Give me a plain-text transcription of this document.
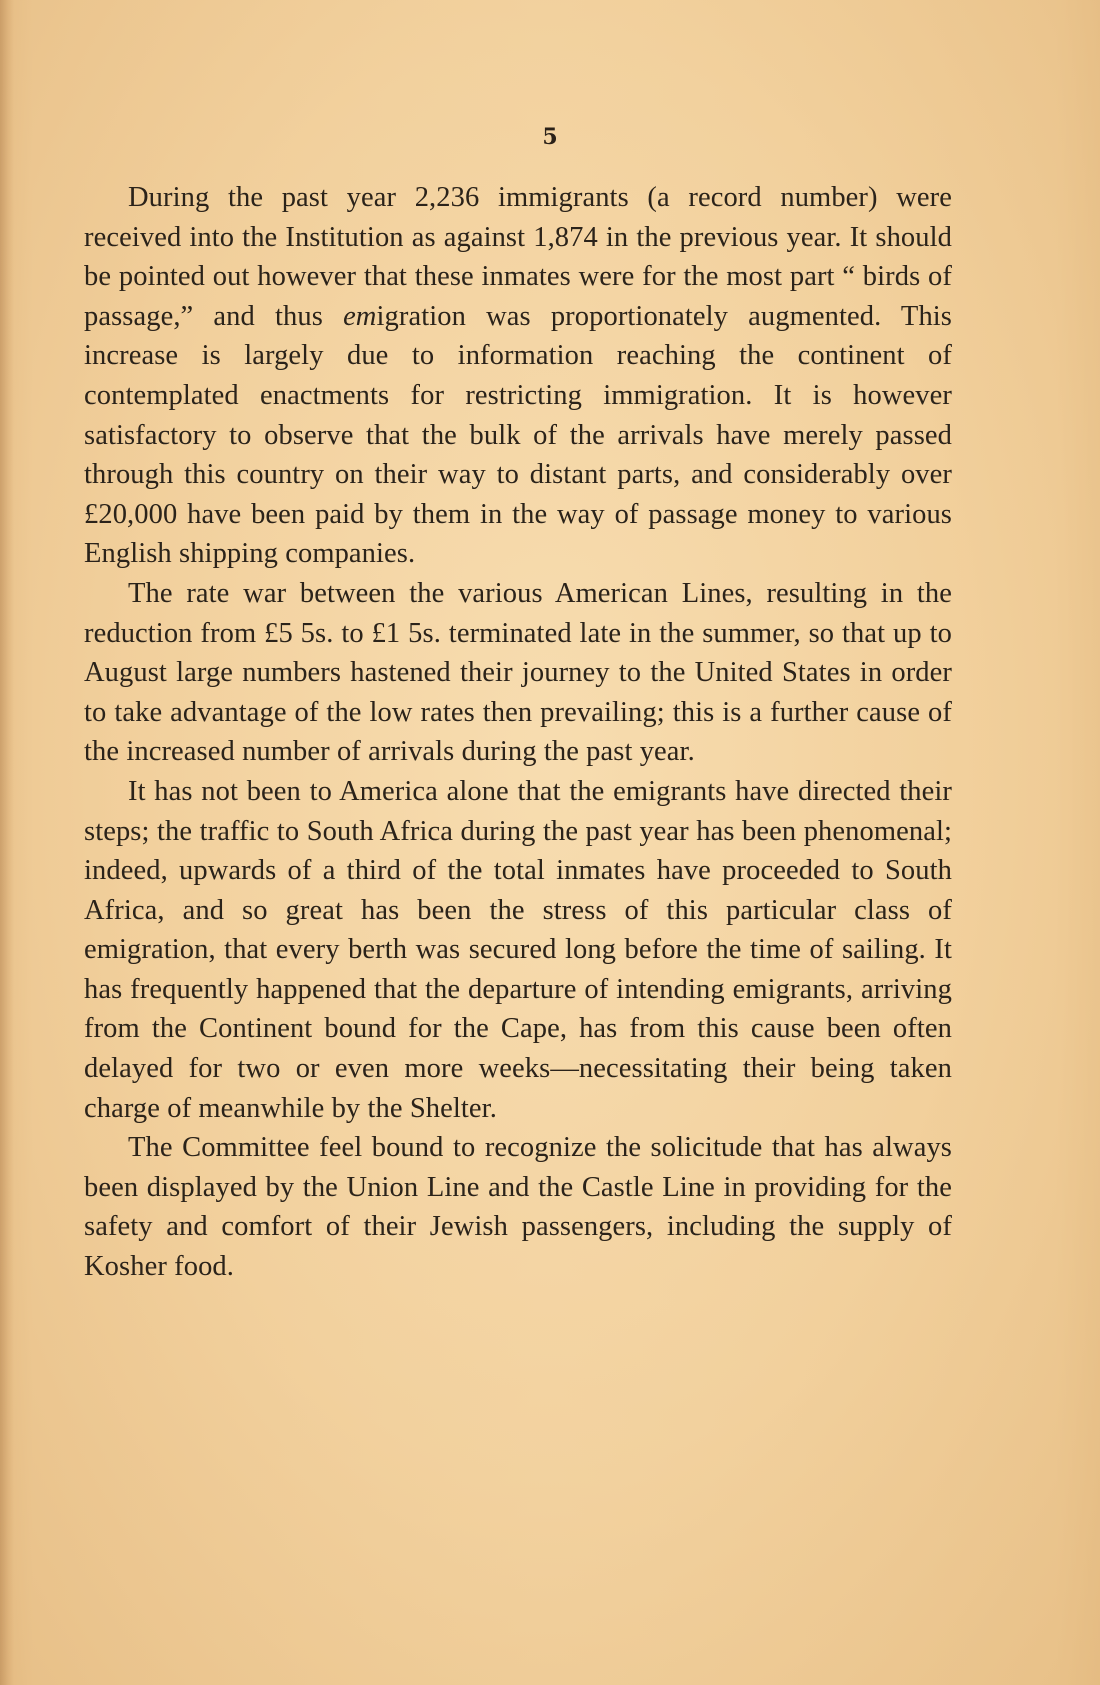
5

During the past year 2,236 immigrants (a record number) were received into the Institution as against 1,874 in the previous year. It should be pointed out however that these inmates were for the most part “ birds of passage,” and thus emigration was proportionately augmented. This increase is largely due to information reaching the continent of contemplated enactments for restricting immigration. It is however satisfactory to observe that the bulk of the arrivals have merely passed through this country on their way to distant parts, and considerably over £20,000 have been paid by them in the way of passage money to various English shipping companies.

The rate war between the various American Lines, resulting in the reduction from £5 5s. to £1 5s. terminated late in the summer, so that up to August large numbers hastened their journey to the United States in order to take advantage of the low rates then prevailing; this is a further cause of the increased number of arrivals during the past year.

It has not been to America alone that the emigrants have directed their steps; the traffic to South Africa during the past year has been phenomenal; indeed, upwards of a third of the total inmates have proceeded to South Africa, and so great has been the stress of this particular class of emigration, that every berth was secured long before the time of sailing. It has frequently happened that the departure of intending emigrants, arriving from the Continent bound for the Cape, has from this cause been often delayed for two or even more weeks—necessitating their being taken charge of meanwhile by the Shelter.

The Committee feel bound to recognize the solicitude that has always been displayed by the Union Line and the Castle Line in providing for the safety and comfort of their Jewish passengers, including the supply of Kosher food.
